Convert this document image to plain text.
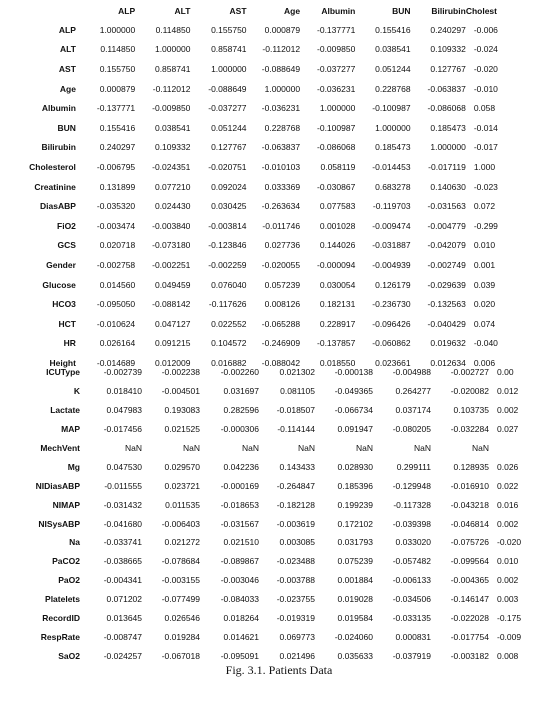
	ALP	ALT	AST	Age	Albumin	BUN	Bilirubin	Cholest
ALP	1.000000	0.114850	0.155750	0.000879	-0.137771	0.155416	0.240297	-0.006
ALT	0.114850	1.000000	0.858741	-0.112012	-0.009850	0.038541	0.109332	-0.024
AST	0.155750	0.858741	1.000000	-0.088649	-0.037277	0.051244	0.127767	-0.020
Age	0.000879	-0.112012	-0.088649	1.000000	-0.036231	0.228768	-0.063837	-0.010
Albumin	-0.137771	-0.009850	-0.037277	-0.036231	1.000000	-0.100987	-0.086068	0.058
BUN	0.155416	0.038541	0.051244	0.228768	-0.100987	1.000000	0.185473	-0.014
Bilirubin	0.240297	0.109332	0.127767	-0.063837	-0.086068	0.185473	1.000000	-0.017
Cholesterol	-0.006795	-0.024351	-0.020751	-0.010103	0.058119	-0.014453	-0.017119	1.000
Creatinine	0.131899	0.077210	0.092024	0.033369	-0.030867	0.683278	0.140630	-0.023
DiasABP	-0.035320	0.024430	0.030425	-0.263634	0.077583	-0.119703	-0.031563	0.072
FiO2	-0.003474	-0.003840	-0.003814	-0.011746	0.001028	-0.009474	-0.004779	-0.299
GCS	0.020718	-0.073180	-0.123846	0.027736	0.144026	-0.031887	-0.042079	0.010
Gender	-0.002758	-0.002251	-0.002259	-0.020055	-0.000094	-0.004939	-0.002749	0.001
Glucose	0.014560	0.049459	0.076040	0.057239	0.030054	0.126179	-0.029639	0.039
HCO3	-0.095050	-0.088142	-0.117626	0.008126	0.182131	-0.236730	-0.132563	0.020
HCT	-0.010624	0.047127	0.022552	-0.065288	0.228917	-0.096426	-0.040429	0.074
HR	0.026164	0.091215	0.104572	-0.246909	-0.137857	-0.060862	0.019632	-0.040
Height	-0.014689	0.012009	0.016882	-0.088042	0.018550	0.023661	0.012634	0.006
ICUType	-0.002739	-0.002238	-0.002260	0.021302	-0.000138	-0.004988	-0.002727	0.00
K	0.018410	-0.004501	0.031697	0.081105	-0.049365	0.264277	-0.020082	0.012
Lactate	0.047983	0.193083	0.282596	-0.018507	-0.066734	0.037174	0.103735	0.002
MAP	-0.017456	0.021525	-0.000306	-0.114144	0.091947	-0.080205	-0.032284	0.027
MechVent	NaN	NaN	NaN	NaN	NaN	NaN	NaN	
Mg	0.047530	0.029570	0.042236	0.143433	0.028930	0.299111	0.128935	0.026
NIDiasABP	-0.011555	0.023721	-0.000169	-0.264847	0.185396	-0.129948	-0.016910	0.022
NIMAP	-0.031432	0.011535	-0.018653	-0.182128	0.199239	-0.117328	-0.043218	0.016
NISysABP	-0.041680	-0.006403	-0.031567	-0.003619	0.172102	-0.039398	-0.046814	0.002
Na	-0.033741	0.021272	0.021510	0.003085	0.031793	0.033020	-0.075726	-0.020
PaCO2	-0.038665	-0.078684	-0.089867	-0.023488	0.075239	-0.057482	-0.099564	0.010
PaO2	-0.004341	-0.003155	-0.003046	-0.003788	0.001884	-0.006133	-0.004365	0.002
Platelets	0.071202	-0.077499	-0.084033	-0.023755	0.019028	-0.034506	-0.146147	0.003
RecordID	0.013645	0.026546	0.018264	-0.019319	0.019584	-0.033135	-0.022028	-0.175
RespRate	-0.008747	0.019284	0.014621	0.069773	-0.024060	0.000831	-0.017754	-0.009
SaO2	-0.024257	-0.067018	-0.095091	0.021496	0.035633	-0.037919	-0.003182	0.008
Fig. 3.1. Patients Data
